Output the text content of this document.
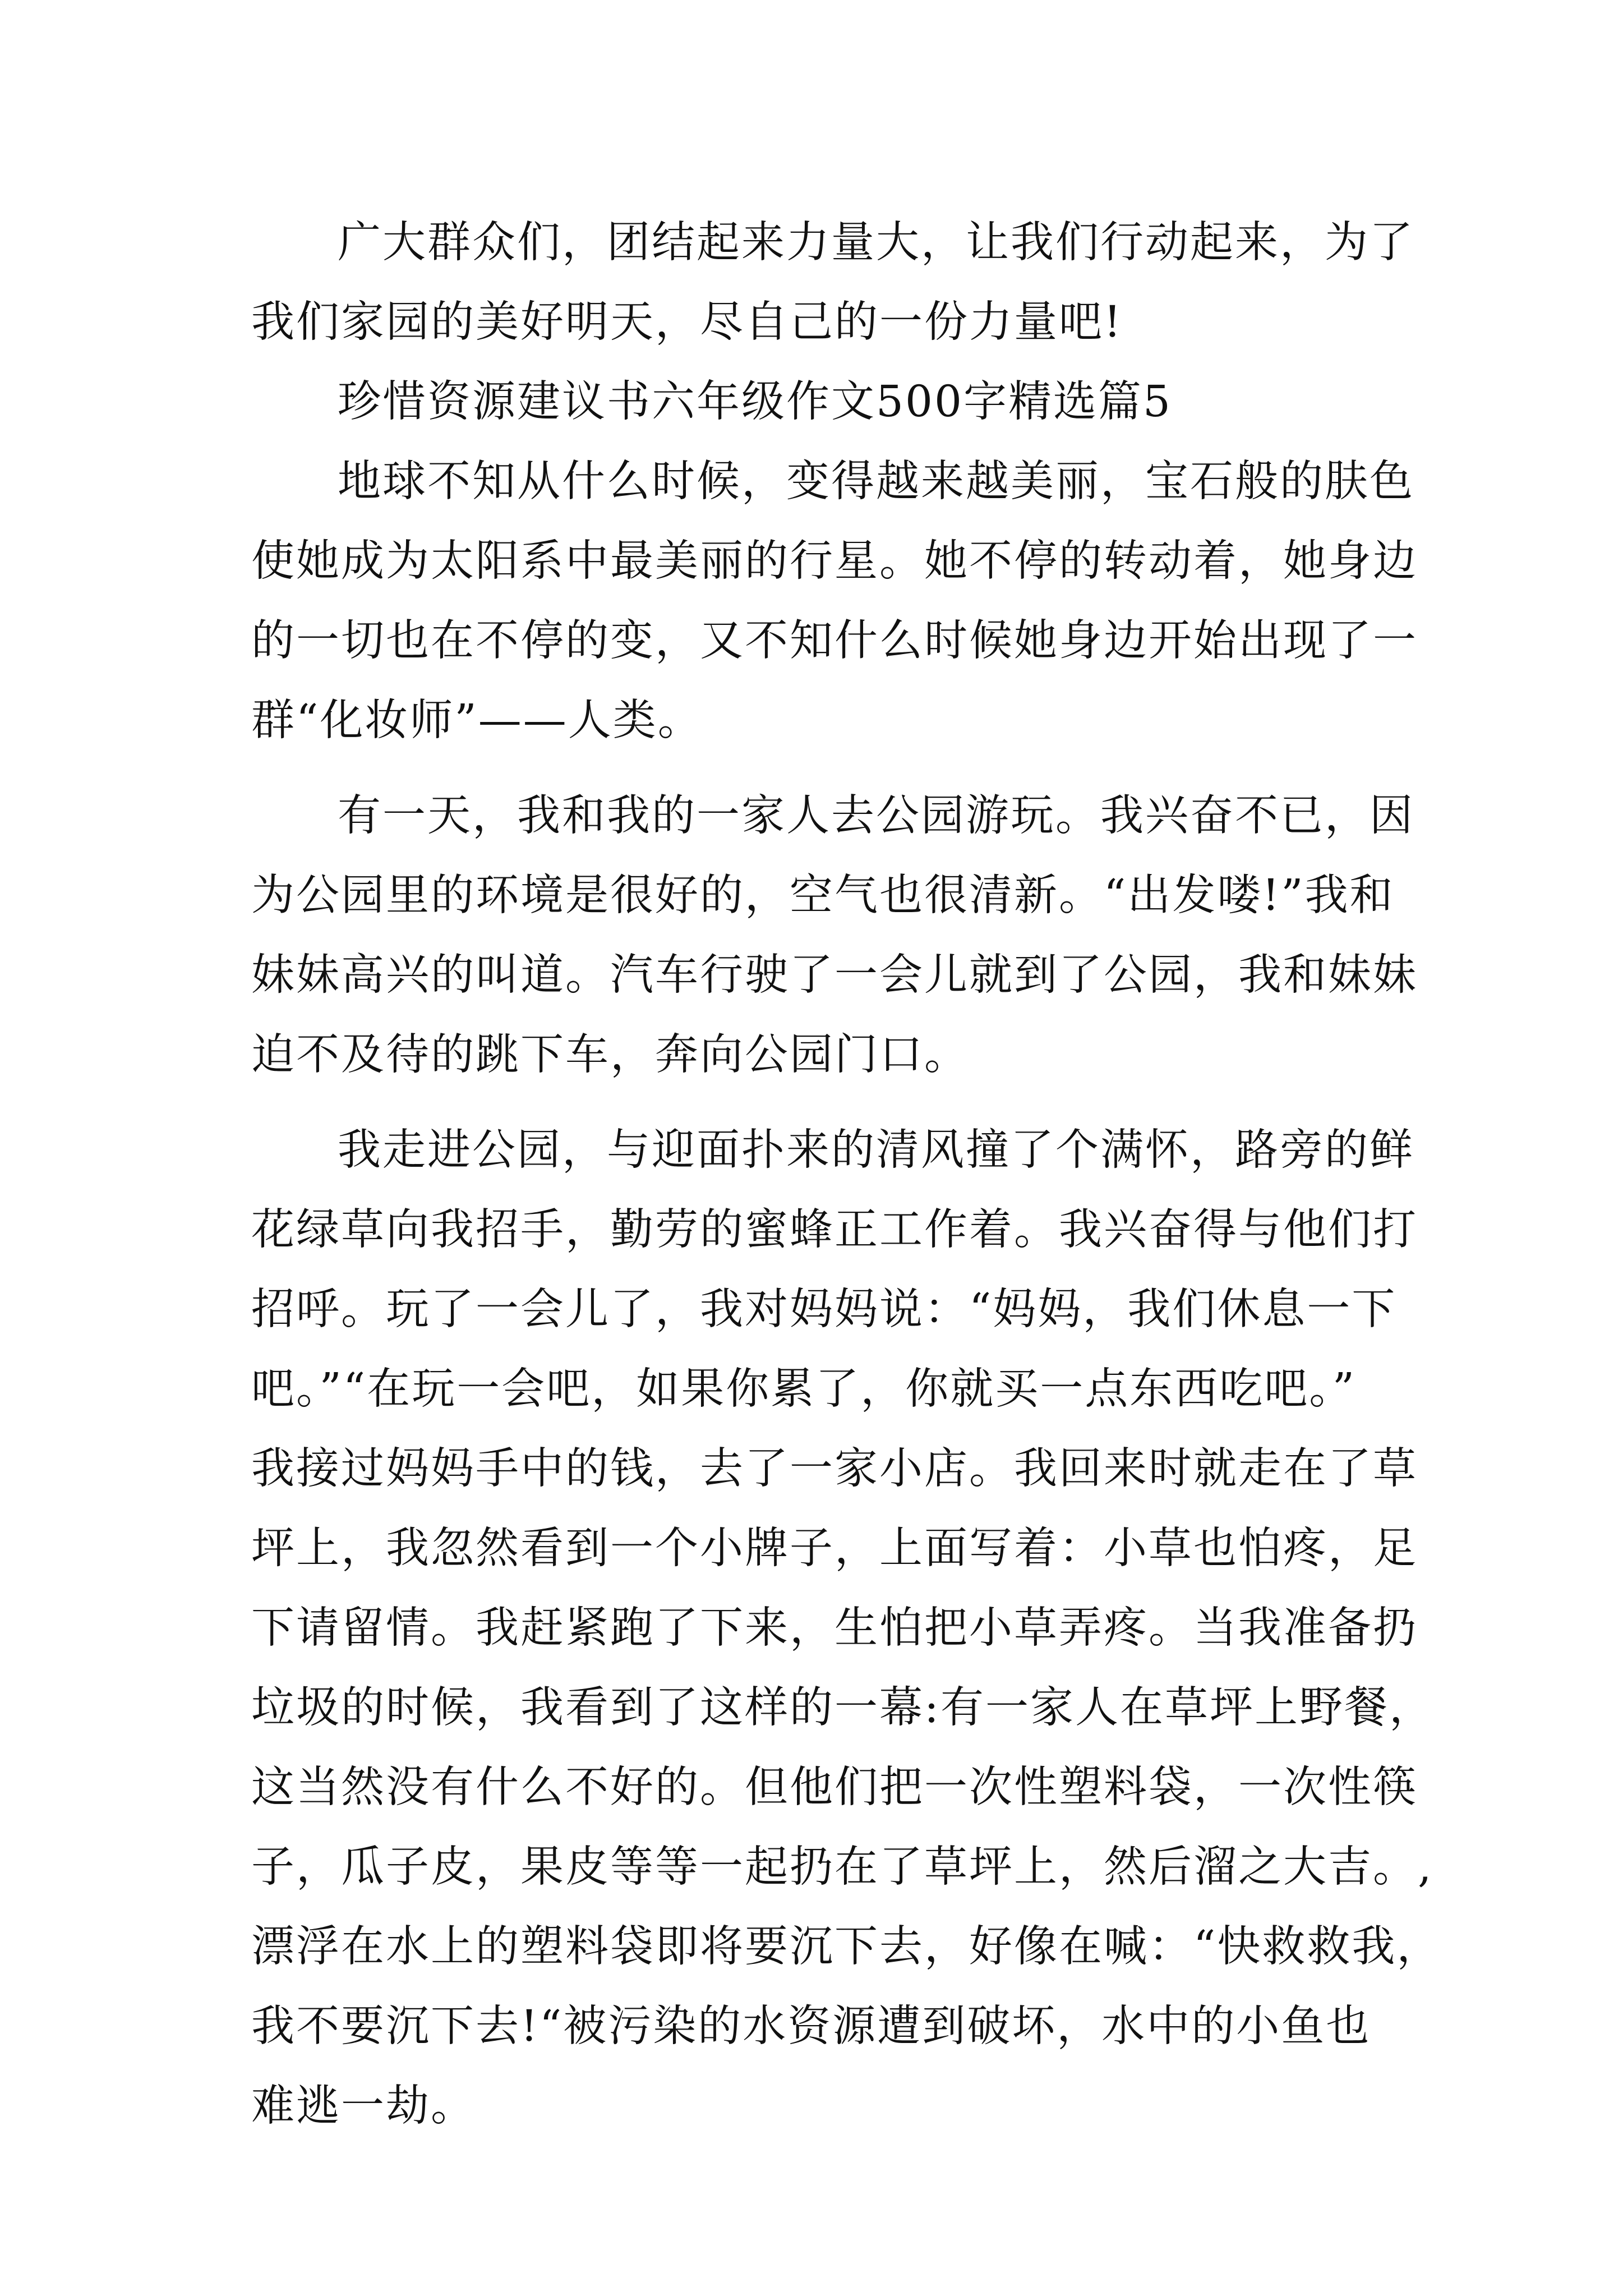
广大群众们，团结起来力量大，让我们行动起来，为了
我们家园的美好明天，尽自己的一份力量吧!
珍惜资源建议书六年级作文500字精选篇5
地球不知从什么时候，变得越来越美丽，宝石般的肤色
使她成为太阳系中最美丽的行星。她不停的转动着，她身边
的一切也在不停的变，又不知什么时候她身边开始出现了一
群“化妆师”——人类。
有一天，我和我的一家人去公园游玩。我兴奋不已，因
为公园里的环境是很好的，空气也很清新。“出发喽!”我和
妹妹高兴的叫道。汽车行驶了一会儿就到了公园，我和妹妹
迫不及待的跳下车，奔向公园门口。
我走进公园，与迎面扑来的清风撞了个满怀，路旁的鲜
花绿草向我招手，勤劳的蜜蜂正工作着。我兴奋得与他们打
招呼。玩了一会儿了，我对妈妈说：“妈妈，我们休息一下
吧。”“在玩一会吧，如果你累了，你就买一点东西吃吧。”
我接过妈妈手中的钱，去了一家小店。我回来时就走在了草
坪上，我忽然看到一个小牌子，上面写着：小草也怕疼，足
下请留情。我赶紧跑了下来，生怕把小草弄疼。当我准备扔
垃圾的时候，我看到了这样的一幕:有一家人在草坪上野餐，
这当然没有什么不好的。但他们把一次性塑料袋，一次性筷
子，瓜子皮，果皮等等一起扔在了草坪上，然后溜之大吉。,
漂浮在水上的塑料袋即将要沉下去，好像在喊：“快救救我，
我不要沉下去!“被污染的水资源遭到破坏，水中的小鱼也
难逃一劫。
